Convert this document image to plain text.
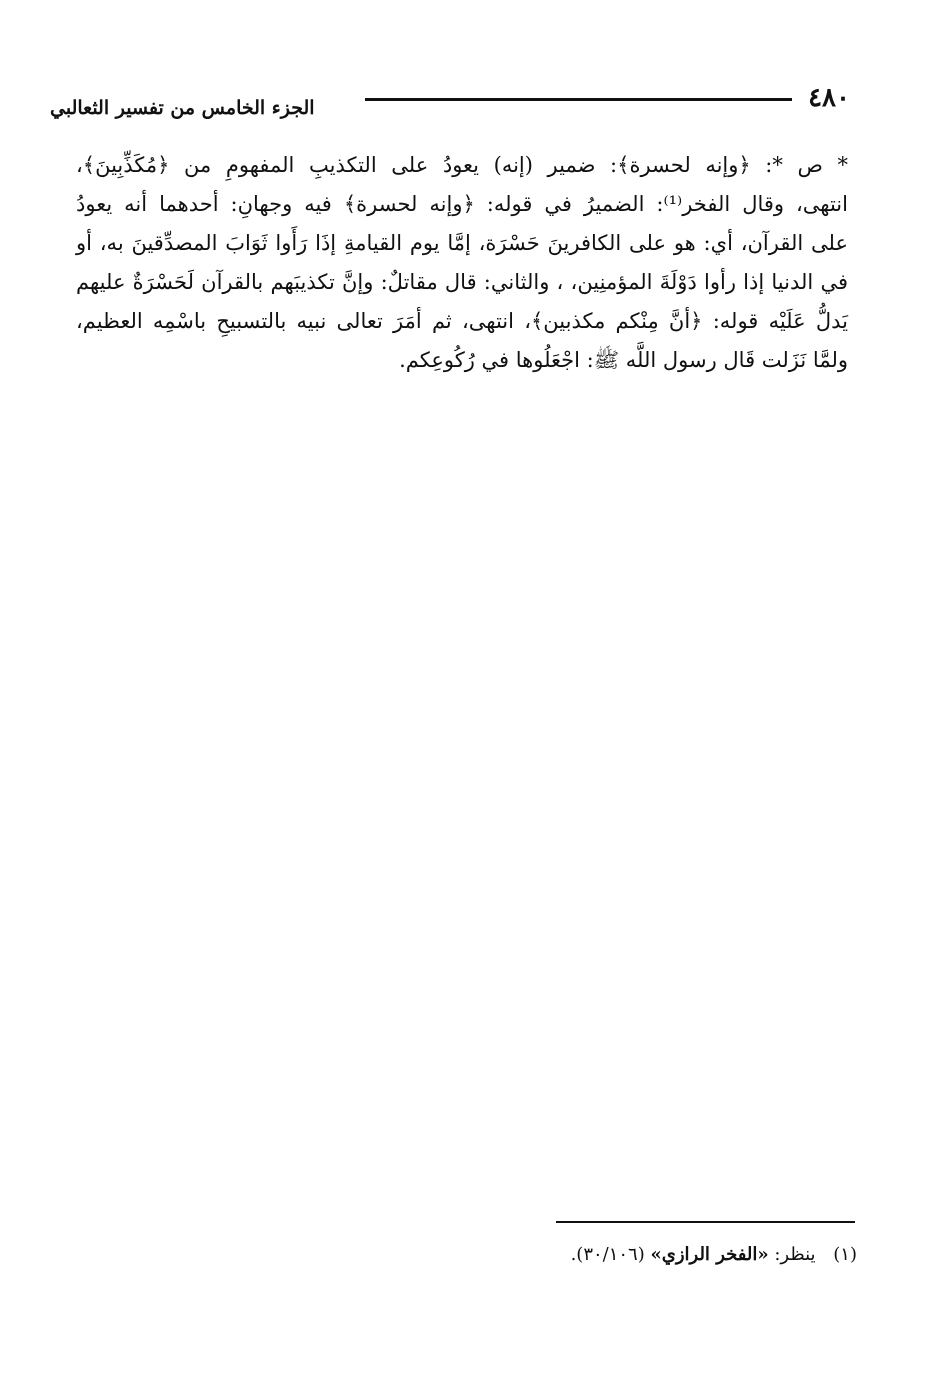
٤٨٠
الجزء الخامس من تفسير الثعالبي
* ص *: ﴿وإنه لحسرة﴾: ضمير (إنه) يعودُ على التكذيبِ المفهومِ من ﴿مُكَذِّبِينَ﴾،
انتهى، وقال الفخر⁽¹⁾: الضميرُ في قوله: ﴿وإنه لحسرة﴾ فيه وجهانِ: أحدهما أنه يعودُ
على القرآن، أي: هو على الكافرينَ حَسْرَة، إمَّا يوم القيامةِ إذَا رَأَوا ثَوَابَ المصدِّقينَ به، أو
في الدنيا إذا رأوا دَوْلَةَ المؤمنِين، ، والثاني: قال مقاتلٌ: وإنَّ تكذيبَهم بالقرآن لَحَسْرَةٌ عليهم
يَدلُّ عَلَيْه قوله: ﴿أنَّ مِنْكم مكذبين﴾، انتهى، ثم أمَرَ تعالى نبيه بالتسبيحِ باسْمِه العظيم،
ولمَّا نَزَلت قَال رسول اللَّه ﷺ: اجْعَلُوها في رُكُوعِكم.
(١) ينظر: «الفخر الرازي» (٣٠/١٠٦).
